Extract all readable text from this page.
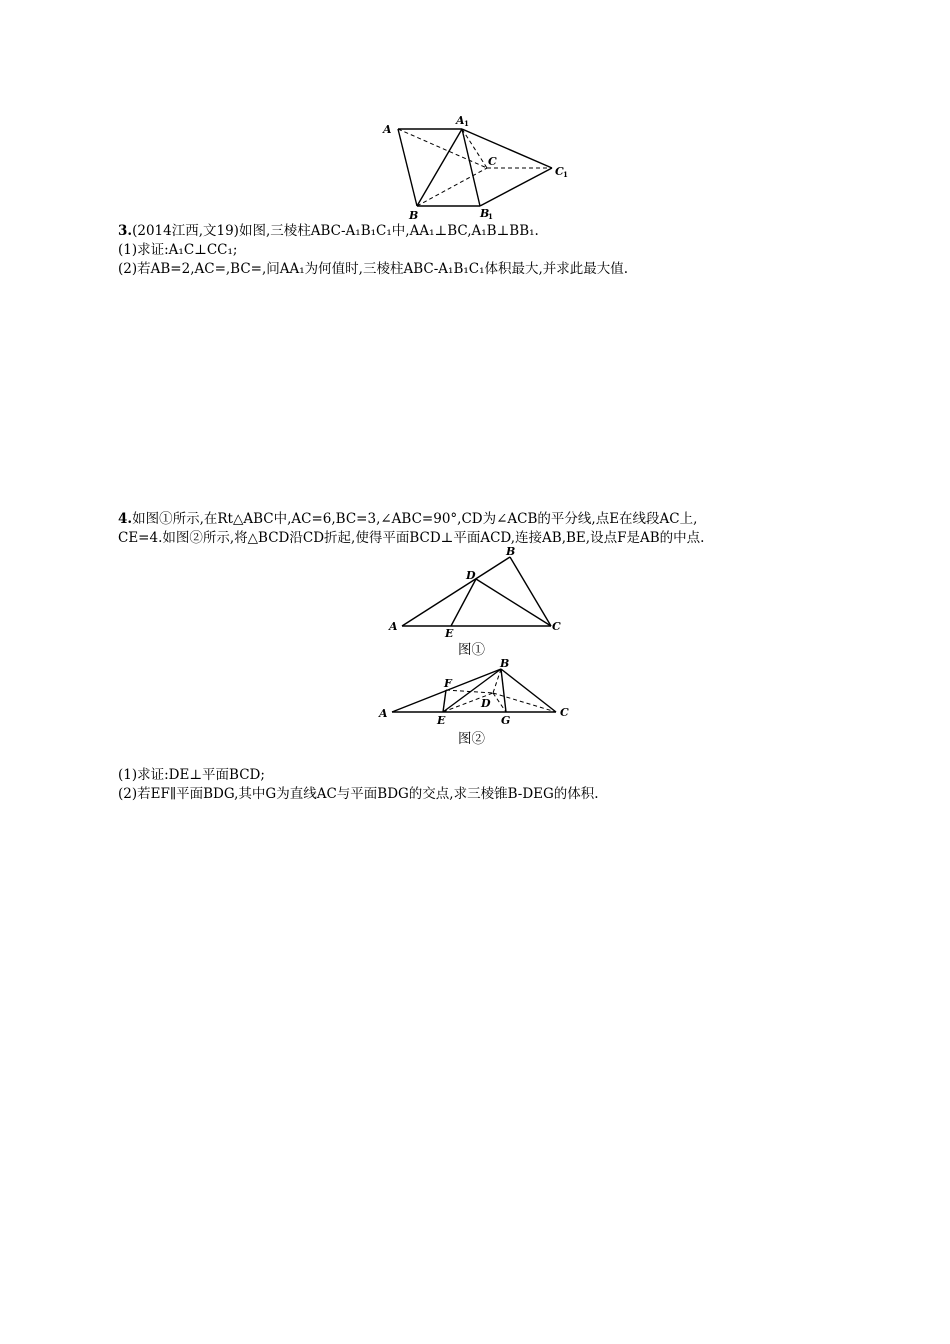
A
A 1
C
C 1
B	B
1
3.(2014江西,文19)如图,三棱柱ABC-A₁B₁C₁中,AA₁⊥BC,A₁B⊥BB₁.
(1)求证:A₁C⊥CC₁;
(2)若AB=2,AC=,BC=,问AA₁为何值时,三棱柱ABC-A₁B₁C₁体积最大,并求此最大值.
4.如图①所示,在Rt△ABC中,AC=6,BC=3,∠ABC=90°,CD为∠ACB的平分线,点E在线段AC上,
CE=4.如图②所示,将△BCD沿CD折起,使得平面BCD⊥平面ACD,连接AB,BE,设点F是AB的中点.
B
D
A
E
C
图①
B
F
D
A
E	G
C
图②
(1)求证:DE⊥平面BCD;
(2)若EF∥平面BDG,其中G为直线AC与平面BDG的交点,求三棱锥B-DEG的体积.
